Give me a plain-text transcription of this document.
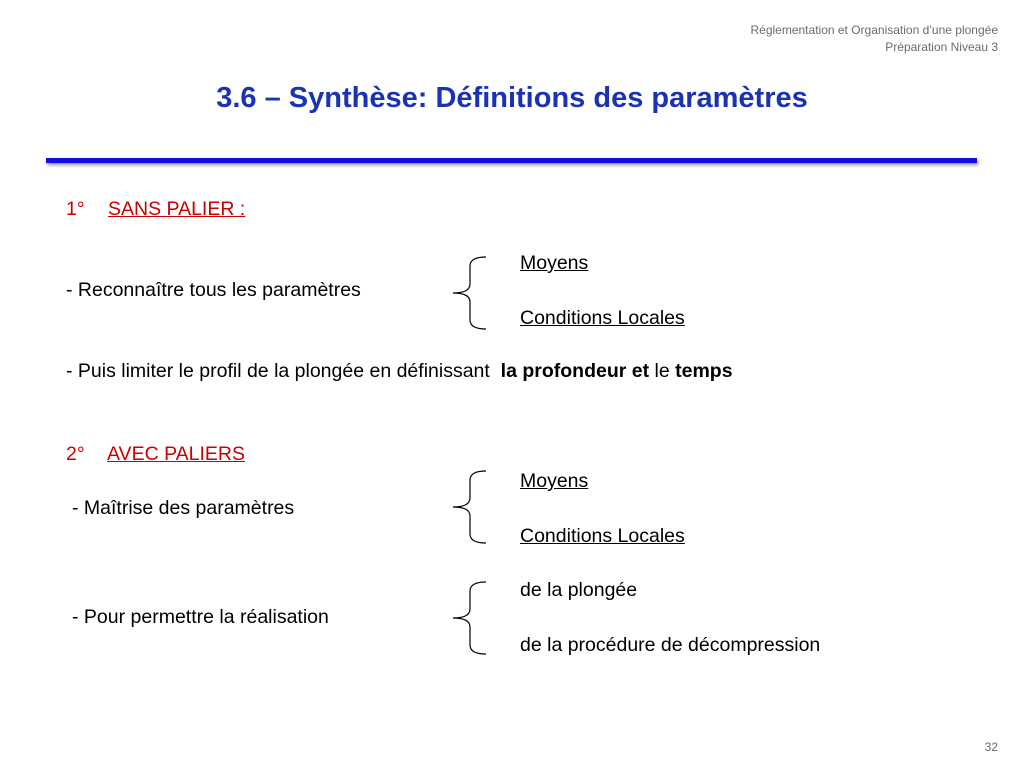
Réglementation et Organisation d’une plongée
Préparation Niveau 3
3.6 – Synthèse: Définitions des paramètres
1° SANS PALIER :
Moyens
- Reconnaître tous les paramètres
Conditions Locales
- Puis limiter le profil de la plongée en définissant la profondeur et le temps
2° AVEC PALIERS
Moyens
- Maîtrise des paramètres
Conditions Locales
de la plongée
- Pour permettre la réalisation
de la procédure de décompression
32
